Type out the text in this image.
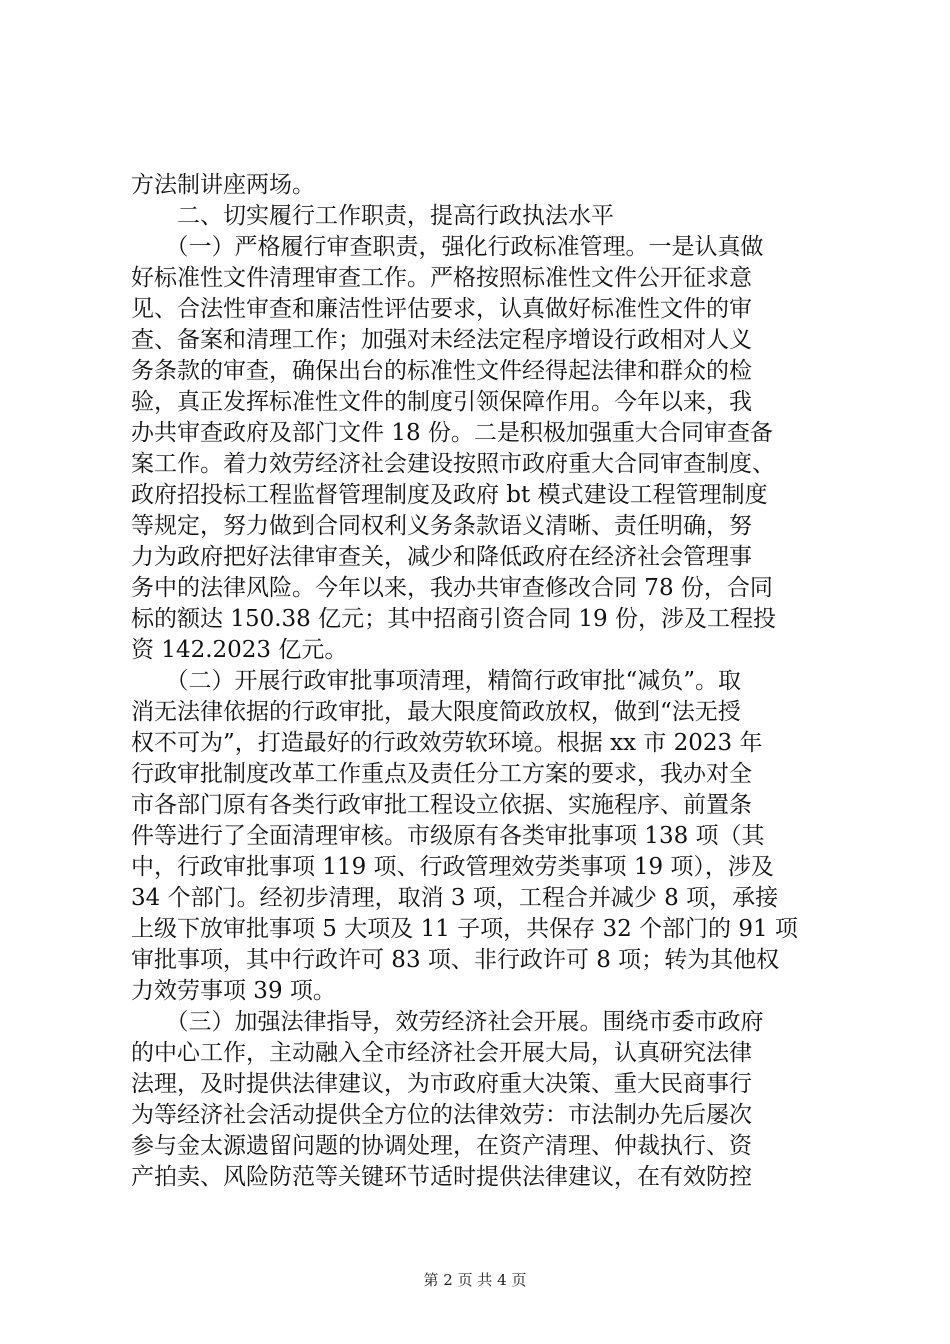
方法制讲座两场。
　　二、切实履行工作职责，提高行政执法水平
　　（一）严格履行审查职责，强化行政标准管理。一是认真做
好标准性文件清理审查工作。严格按照标准性文件公开征求意
见、合法性审查和廉洁性评估要求，认真做好标准性文件的审
查、备案和清理工作；加强对未经法定程序增设行政相对人义
务条款的审查，确保出台的标准性文件经得起法律和群众的检
验，真正发挥标准性文件的制度引领保障作用。今年以来，我
办共审查政府及部门文件 18 份。二是积极加强重大合同审查备
案工作。着力效劳经济社会建设按照市政府重大合同审查制度、
政府招投标工程监督管理制度及政府 bt 模式建设工程管理制度
等规定，努力做到合同权利义务条款语义清晰、责任明确，努
力为政府把好法律审查关，减少和降低政府在经济社会管理事
务中的法律风险。今年以来，我办共审查修改合同 78 份，合同
标的额达 150.38 亿元；其中招商引资合同 19 份，涉及工程投
资 142.2023 亿元。
　　（二）开展行政审批事项清理，精简行政审批“减负”。取
消无法律依据的行政审批，最大限度简政放权，做到“法无授
权不可为”，打造最好的行政效劳软环境。根据 xx 市 2023 年
行政审批制度改革工作重点及责任分工方案的要求，我办对全
市各部门原有各类行政审批工程设立依据、实施程序、前置条
件等进行了全面清理审核。市级原有各类审批事项 138 项（其
中，行政审批事项 119 项、行政管理效劳类事项 19 项），涉及
34 个部门。经初步清理，取消 3 项，工程合并减少 8 项，承接
上级下放审批事项 5 大项及 11 子项，共保存 32 个部门的 91 项
审批事项，其中行政许可 83 项、非行政许可 8 项；转为其他权
力效劳事项 39 项。
　　（三）加强法律指导，效劳经济社会开展。围绕市委市政府
的中心工作，主动融入全市经济社会开展大局，认真研究法律
法理，及时提供法律建议，为市政府重大决策、重大民商事行
为等经济社会活动提供全方位的法律效劳：市法制办先后屡次
参与金太源遗留问题的协调处理，在资产清理、仲裁执行、资
产拍卖、风险防范等关键环节适时提供法律建议，在有效防控
第 2 页 共 4 页
